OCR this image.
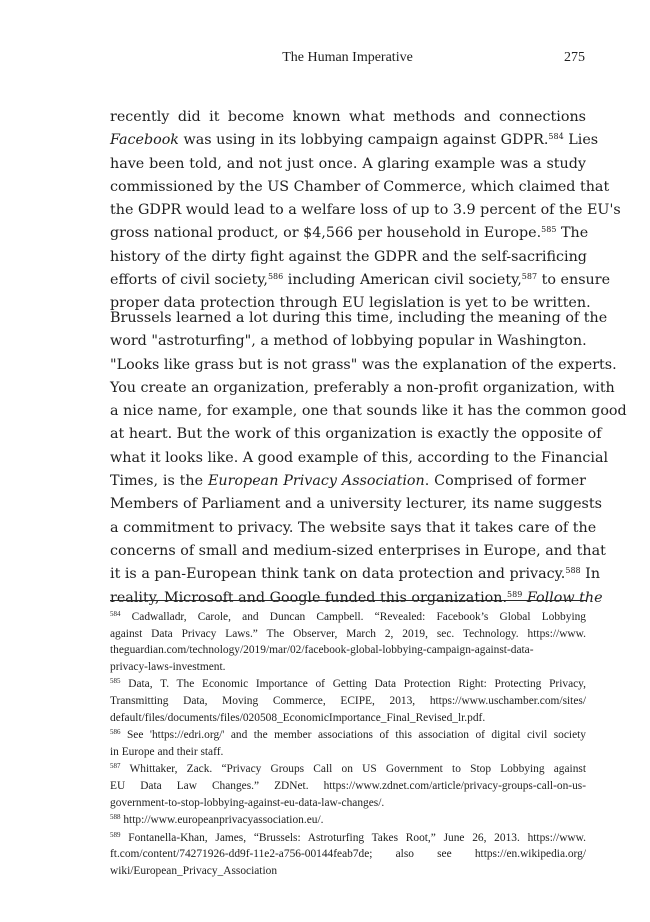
The Human Imperative	275
recently did it become known what methods and connections
Facebook was using in its lobbying campaign against GDPR.$^{584}$ Lies
have been told, and not just once. A glaring example was a study
commissioned by the US Chamber of Commerce, which claimed that
the GDPR would lead to a welfare loss of up to 3.9 percent of the EU's
gross national product, or $4,566 per household in Europe.$^{585}$ The
history of the dirty fight against the GDPR and the self-sacrificing
efforts of civil society,$^{586}$ including American civil society,$^{587}$ to ensure
proper data protection through EU legislation is yet to be written.
Brussels learned a lot during this time, including the meaning of the
word "astroturfing", a method of lobbying popular in Washington.
"Looks like grass but is not grass" was the explanation of the experts.
You create an organization, preferably a non-profit organization, with
a nice name, for example, one that sounds like it has the common good
at heart. But the work of this organization is exactly the opposite of
what it looks like. A good example of this, according to the Financial
Times, is the European Privacy Association. Comprised of former
Members of Parliament and a university lecturer, its name suggests
a commitment to privacy. The website says that it takes care of the
concerns of small and medium-sized enterprises in Europe, and that
it is a pan-European think tank on data protection and privacy.$^{588}$ In
reality, Microsoft and Google funded this organization.$^{589}$ Follow the
$^{584}$ Cadwalladr, Carole, and Duncan Campbell. “Revealed: Facebook’s Global Lobbying
against Data Privacy Laws.” The Observer, March 2, 2019, sec. Technology. https://www.
theguardian.com/technology/2019/mar/02/facebook-global-lobbying-campaign-against-data-
privacy-laws-investment.
$^{585}$ Data, T. The Economic Importance of Getting Data Protection Right: Protecting Privacy,
Transmitting Data, Moving Commerce, ECIPE, 2013, https://www.uschamber.com/sites/
default/files/documents/files/020508_EconomicImportance_Final_Revised_lr.pdf.
$^{586}$ See 'https://edri.org/' and the member associations of this association of digital civil society
in Europe and their staff.
$^{587}$ Whittaker, Zack. “Privacy Groups Call on US Government to Stop Lobbying against
EU Data Law Changes.” ZDNet. https://www.zdnet.com/article/privacy-groups-call-on-us-
government-to-stop-lobbying-against-eu-data-law-changes/.
$^{588}$ http://www.europeanprivacyassociation.eu/.
$^{589}$ Fontanella-Khan, James, “Brussels: Astroturfing Takes Root,” June 26, 2013. https://www.
ft.com/content/74271926-dd9f-11e2-a756-00144feab7de; also see https://en.wikipedia.org/
wiki/European_Privacy_Association
